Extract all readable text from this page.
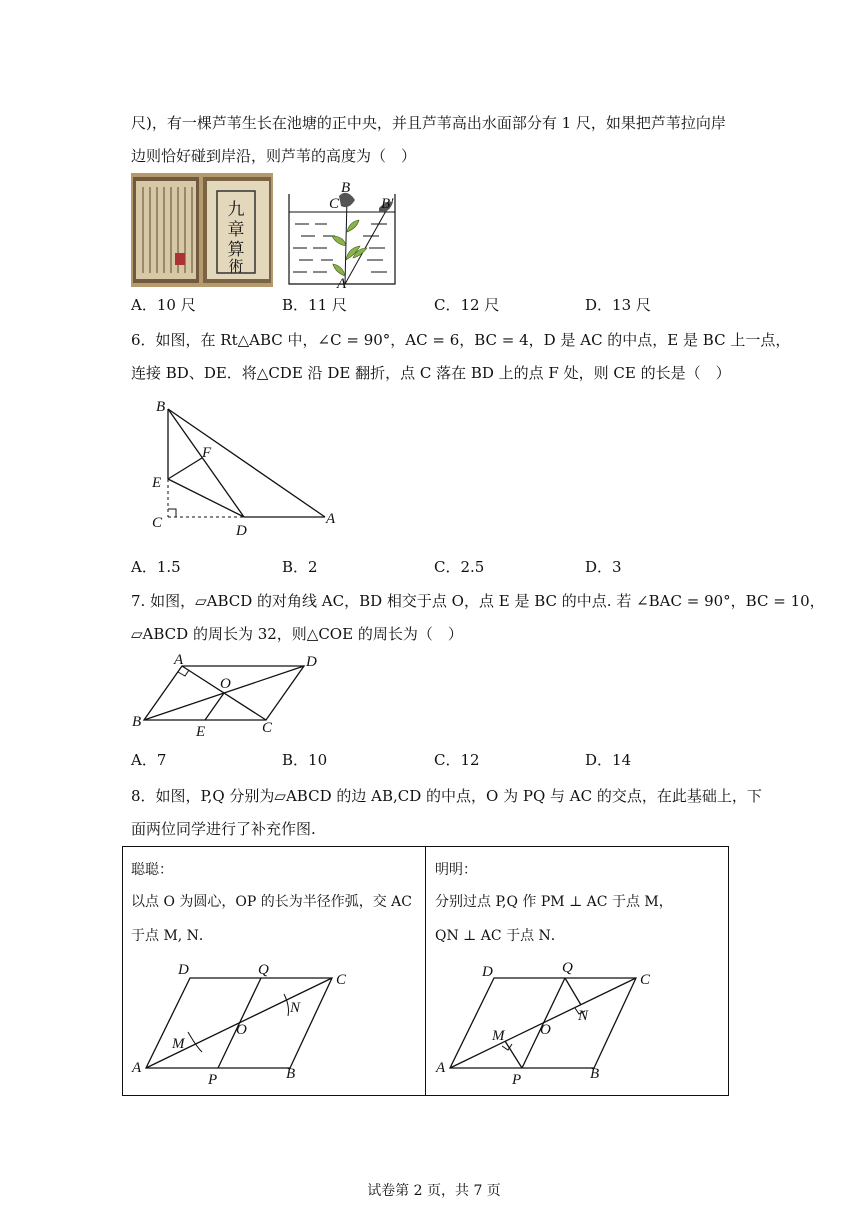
尺)，有一棵芦苇生长在池塘的正中央，并且芦苇高出水面部分有 1 尺，如果把芦苇拉向岸
边则恰好碰到岸沿，则芦苇的高度为（　）
九
章
算
術
B
C	B′
A
A．10 尺	B．11 尺	C．12 尺	D．13 尺
6．如图，在 Rt△ABC 中，∠C = 90°，AC = 6，BC = 4，D 是 AC 的中点，E 是 BC 上一点，
连接 BD、DE．将△CDE 沿 DE 翻折，点 C 落在 BD 上的点 F 处，则 CE 的长是（　）
B
F
E
C	D
A
A．1.5	B．2	C．2.5	D．3
7. 如图，▱ABCD 的对角线 AC，BD 相交于点 O，点 E 是 BC 的中点. 若 ∠BAC = 90°，BC = 10，
▱ABCD 的周长为 32，则△COE 的周长为（　）
A	D
O
B
E	C
A．7	B．10	C．12	D．14
8．如图，P,Q 分别为▱ABCD 的边 AB,CD 的中点，O 为 PQ 与 AC 的交点，在此基础上，下
面两位同学进行了补充作图.
聪聪：
以点 O 为圆心，OP 的长为半径作弧，交 AC
于点 M, N．
明明：
分别过点 P,Q 作 PM ⊥ AC 于点 M，
QN ⊥ AC 于点 N．
D	Q
C
N
O
M
A
P	B
D	Q
C
N
O
M
A
P	B
试卷第 2 页，共 7 页
